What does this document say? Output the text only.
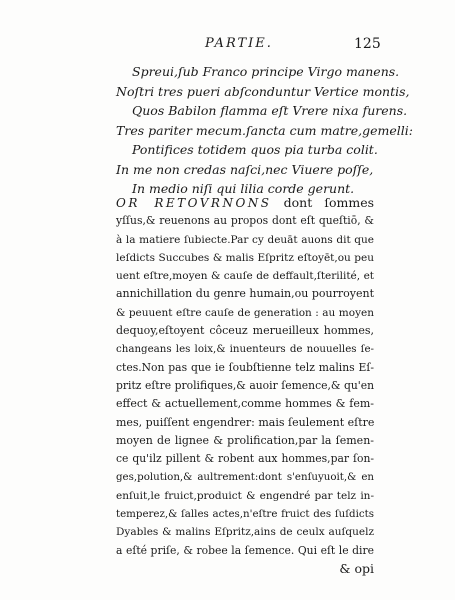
PARTIE.	125
Spreui,ſub Franco principe Virgo manens.
Noſtri tres pueri abſconduntur Vertice montis,
Quos Babilon flamma eſt Vrere nixa furens.
Tres pariter mecum.ſancta cum matre,gemelli:
Pontifices totidem quos pia turba colit.
In me non credas naſci,nec Viuere poſſe,
In medio niſi qui lilia corde gerunt.
OR RETOVRNONS dont ſommes
yſſus,& reuenons au propos dont eſt queſtiō, &
à la matiere ſubiecte.Par cy deuāt auons dit que
leſdicts Succubes & malis Eſpritz eſtoyēt,ou peu
uent eſtre,moyen & cauſe de deffault,ſterilité, et
annichillation du genre humain,ou pourroyent
& peuuent eſtre cauſe de generation : au moyen
dequoy,eſtoyent côceuz merueilleux hommes,
changeans les loix,& inuenteurs de nouuelles ſe-
ctes.Non pas que ie ſoubſtienne telz malins Eſ-
pritz eſtre prolifiques,& auoir ſemence,& qu'en
effect & actuellement,comme hommes & fem-
mes, puiſſent engendrer: mais ſeulement eſtre
moyen de lignee & prolification,par la ſemen-
ce qu'ilz pillent & robent aux hommes,par ſon-
ges,polution,& aultrement:dont s'enſuyuoit,& en
enſuit,le fruict,produict & engendré par telz in-
temperez,& ſalles actes,n'eſtre fruict des ſuſdicts
Dyables & malins Eſpritz,ains de ceulx auſquelz
a eſté priſe, & robee la ſemence. Qui eſt le dire
& opi
